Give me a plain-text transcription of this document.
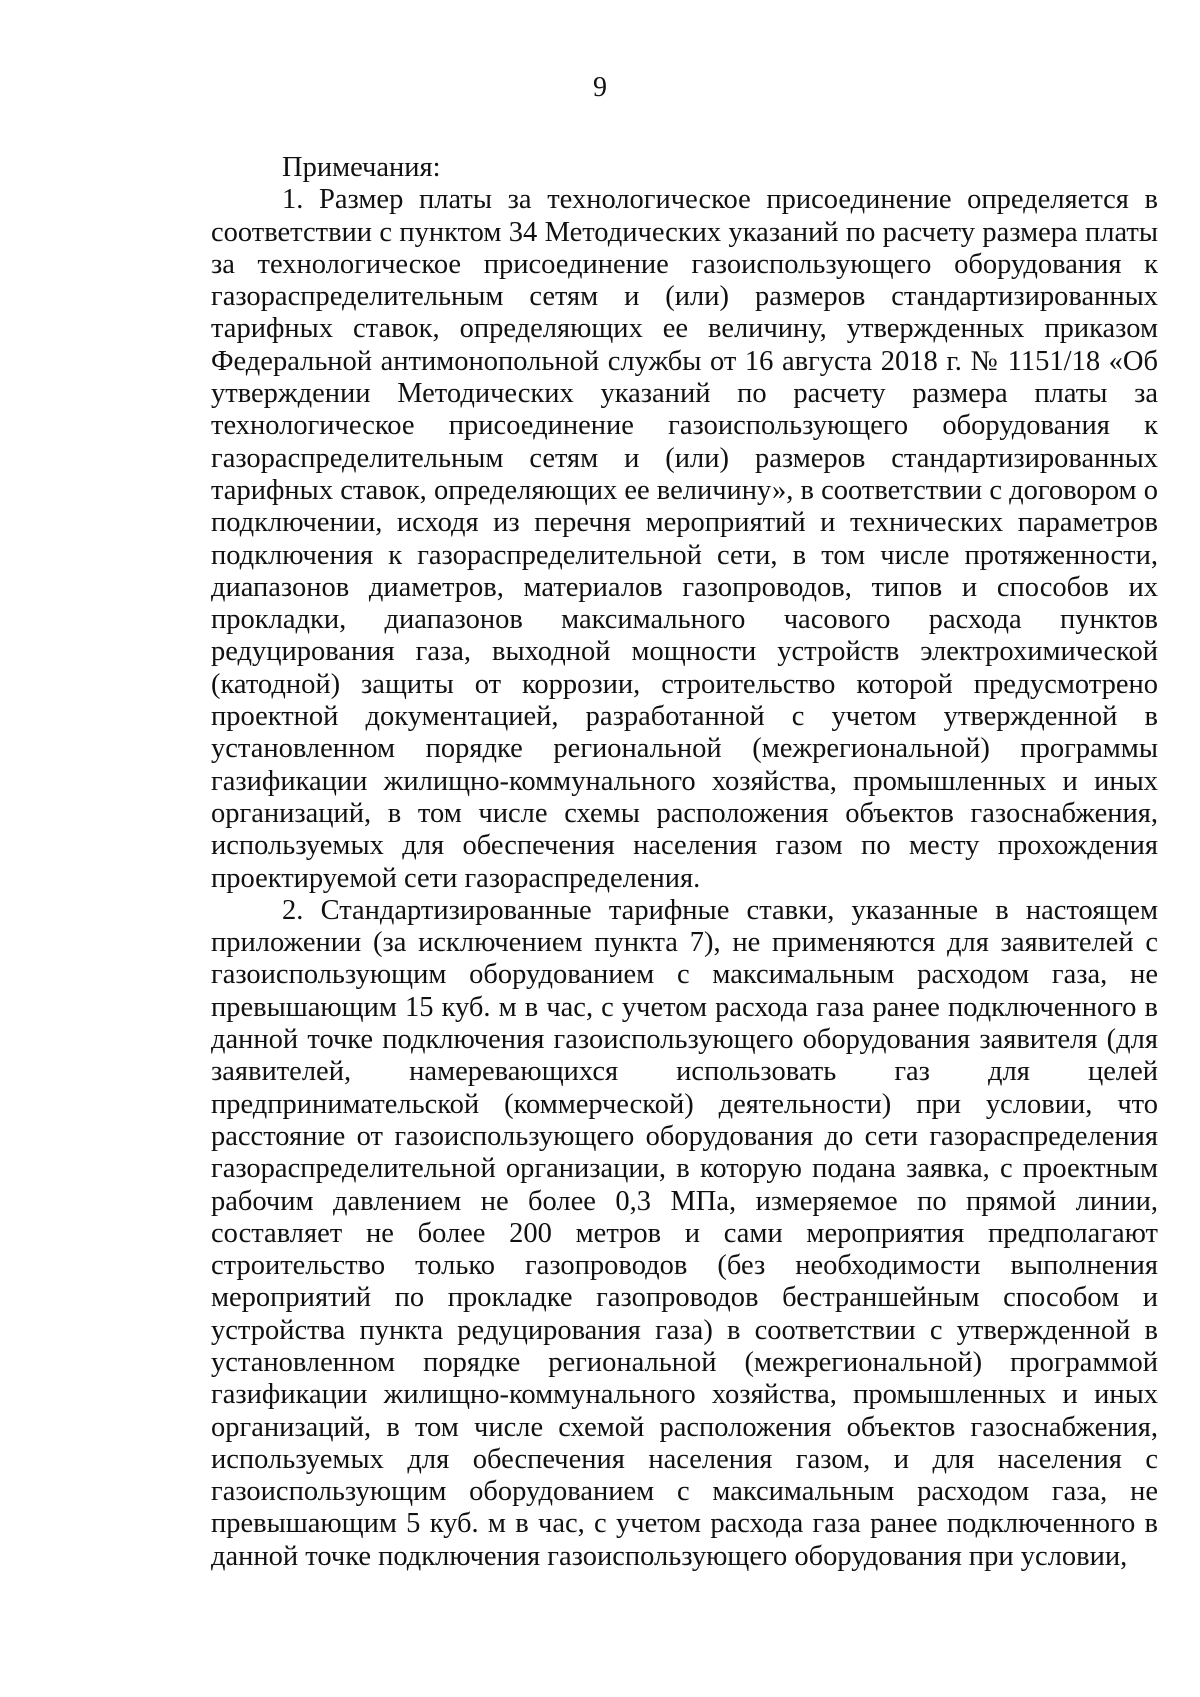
9

Примечания:

1. Размер платы за технологическое присоединение определяется в соответствии с пунктом 34 Методических указаний по расчету размера платы за технологическое присоединение газоиспользующего оборудования к газораспределительным сетям и (или) размеров стандартизированных тарифных ставок, определяющих ее величину, утвержденных приказом Федеральной антимонопольной службы от 16 августа 2018 г. № 1151/18 «Об утверждении Методических указаний по расчету размера платы за технологическое присоединение газоиспользующего оборудования к газораспределительным сетям и (или) размеров стандартизированных тарифных ставок, определяющих ее величину», в соответствии с договором о подключении, исходя из перечня мероприятий и технических параметров подключения к газораспределительной сети, в том числе протяженности, диапазонов диаметров, материалов газопроводов, типов и способов их прокладки, диапазонов максимального часового расхода пунктов редуцирования газа, выходной мощности устройств электрохимической (катодной) защиты от коррозии, строительство которой предусмотрено проектной документацией, разработанной с учетом утвержденной в установленном порядке региональной (межрегиональной) программы газификации жилищно-коммунального хозяйства, промышленных и иных организаций, в том числе схемы расположения объектов газоснабжения, используемых для обеспечения населения газом по месту прохождения проектируемой сети газораспределения.

2. Стандартизированные тарифные ставки, указанные в настоящем приложении (за исключением пункта 7), не применяются для заявителей с газоиспользующим оборудованием с максимальным расходом газа, не превышающим 15 куб. м в час, с учетом расхода газа ранее подключенного в данной точке подключения газоиспользующего оборудования заявителя (для заявителей, намеревающихся использовать газ для целей предпринимательской (коммерческой) деятельности) при условии, что расстояние от газоиспользующего оборудования до сети газораспределения газораспределительной организации, в которую подана заявка, с проектным рабочим давлением не более 0,3 МПа, измеряемое по прямой линии, составляет не более 200 метров и сами мероприятия предполагают строительство только газопроводов (без необходимости выполнения мероприятий по прокладке газопроводов бестраншейным способом и устройства пункта редуцирования газа) в соответствии с утвержденной в установленном порядке региональной (межрегиональной) программой газификации жилищно-коммунального хозяйства, промышленных и иных организаций, в том числе схемой расположения объектов газоснабжения, используемых для обеспечения населения газом, и для населения с газоиспользующим оборудованием с максимальным расходом газа, не превышающим 5 куб. м в час, с учетом расхода газа ранее подключенного в данной точке подключения газоиспользующего оборудования при условии,
